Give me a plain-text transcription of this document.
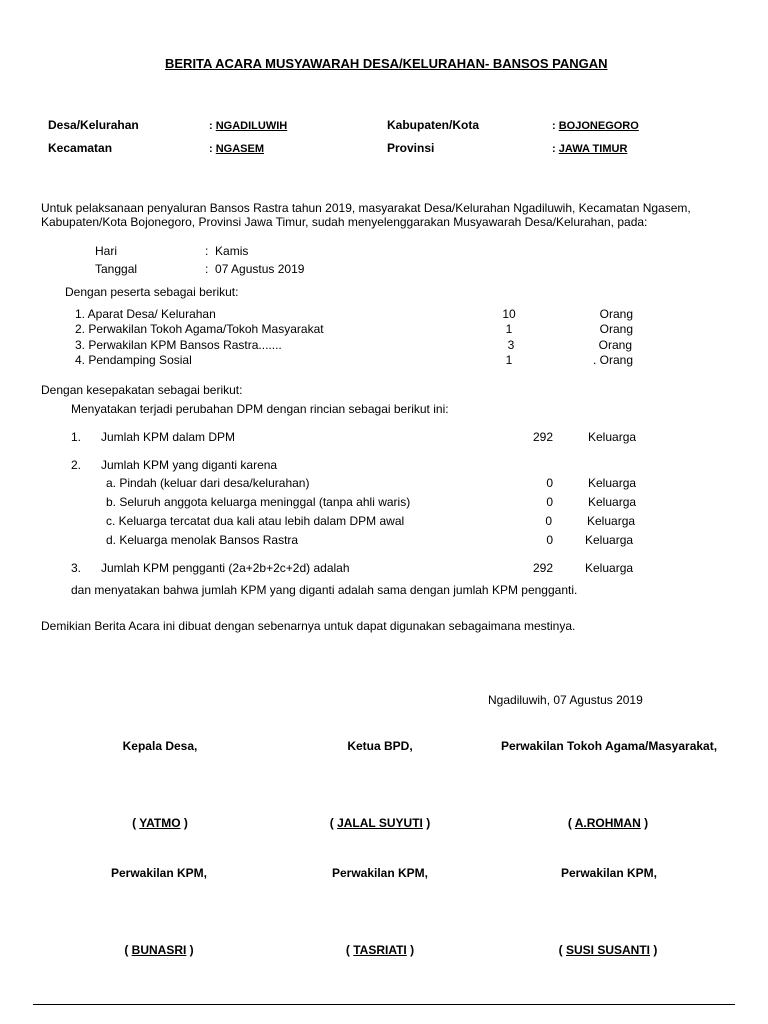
BERITA ACARA MUSYAWARAH DESA/KELURAHAN- BANSOS PANGAN
Desa/Kelurahan	: NGADILUWIH	Kabupaten/Kota	: BOJONEGORO
Kecamatan	: NGASEM	Provinsi	: JAWA TIMUR
Untuk pelaksanaan penyaluran Bansos Rastra tahun 2019, masyarakat Desa/Kelurahan Ngadiluwih, Kecamatan Ngasem,
Kabupaten/Kota Bojonegoro, Provinsi Jawa Timur, sudah menyelenggarakan Musyawarah Desa/Kelurahan, pada:
Hari	: Kamis
Tanggal	: 07 Agustus 2019
Dengan peserta sebagai berikut:
1. Aparat Desa/ Kelurahan	10	Orang
2. Perwakilan Tokoh Agama/Tokoh Masyarakat	1	Orang
3. Perwakilan KPM Bansos Rastra.......	3	Orang
4. Pendamping Sosial	1	. Orang
Dengan kesepakatan sebagai berikut:
Menyatakan terjadi perubahan DPM dengan rincian sebagai berikut ini:
1. Jumlah KPM dalam DPM	292	Keluarga
2. Jumlah KPM yang diganti karena
a. Pindah (keluar dari desa/kelurahan)	0	Keluarga
b. Seluruh anggota keluarga meninggal (tanpa ahli waris)	0	Keluarga
c. Keluarga tercatat dua kali atau lebih dalam DPM awal	0	Keluarga
d. Keluarga menolak Bansos Rastra	0	Keluarga
3. Jumlah KPM pengganti (2a+2b+2c+2d) adalah	292	Keluarga
dan menyatakan bahwa jumlah KPM yang diganti adalah sama dengan jumlah KPM pengganti.
Demikian Berita Acara ini dibuat dengan sebenarnya untuk dapat digunakan sebagaimana mestinya.
Ngadiluwih, 07 Agustus 2019
Kepala Desa,	Ketua BPD,	Perwakilan Tokoh Agama/Masyarakat,
( YATMO )	( JALAL SUYUTI )	( A.ROHMAN )
Perwakilan KPM,	Perwakilan KPM,	Perwakilan KPM,
( BUNASRI )	( TASRIATI )	( SUSI SUSANTI )
